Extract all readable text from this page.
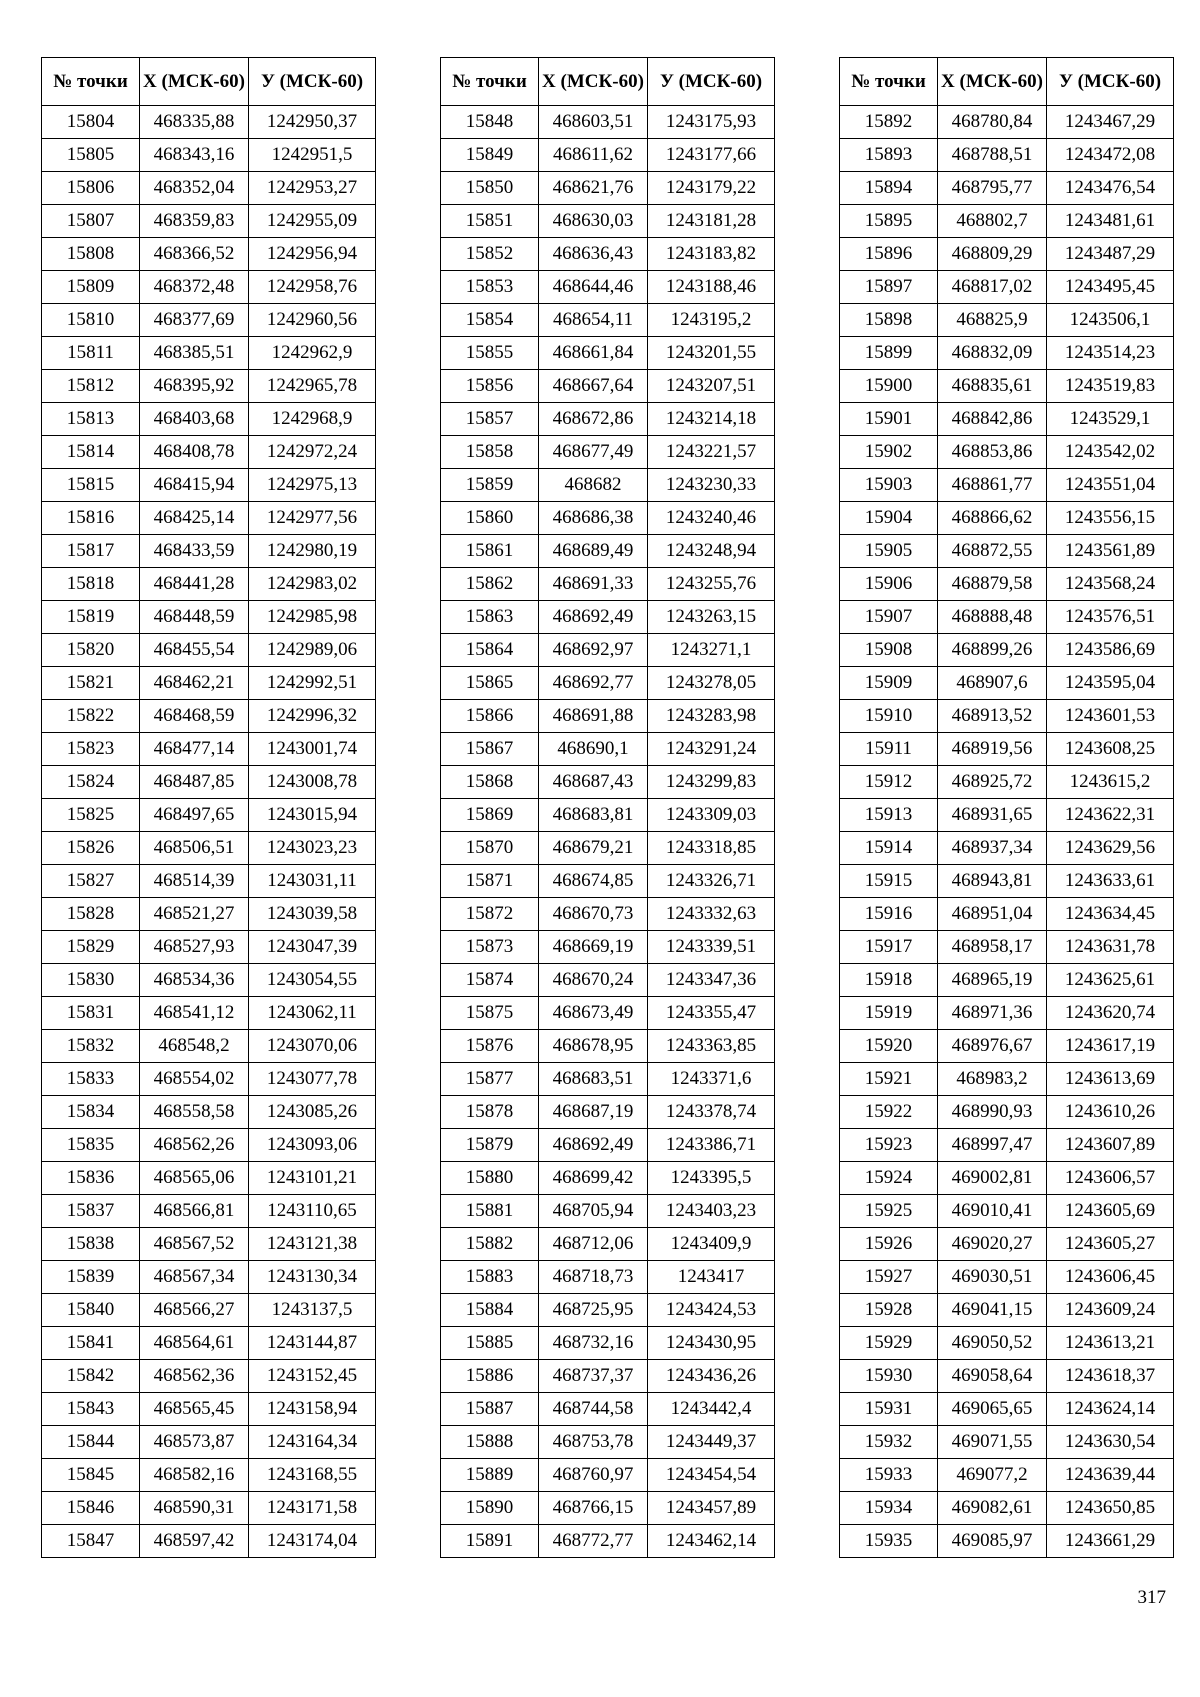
№ точки	X (МСК-60)	У (МСК-60)
15804	468335,88	1242950,37
15805	468343,16	1242951,5
15806	468352,04	1242953,27
15807	468359,83	1242955,09
15808	468366,52	1242956,94
15809	468372,48	1242958,76
15810	468377,69	1242960,56
15811	468385,51	1242962,9
15812	468395,92	1242965,78
15813	468403,68	1242968,9
15814	468408,78	1242972,24
15815	468415,94	1242975,13
15816	468425,14	1242977,56
15817	468433,59	1242980,19
15818	468441,28	1242983,02
15819	468448,59	1242985,98
15820	468455,54	1242989,06
15821	468462,21	1242992,51
15822	468468,59	1242996,32
15823	468477,14	1243001,74
15824	468487,85	1243008,78
15825	468497,65	1243015,94
15826	468506,51	1243023,23
15827	468514,39	1243031,11
15828	468521,27	1243039,58
15829	468527,93	1243047,39
15830	468534,36	1243054,55
15831	468541,12	1243062,11
15832	468548,2	1243070,06
15833	468554,02	1243077,78
15834	468558,58	1243085,26
15835	468562,26	1243093,06
15836	468565,06	1243101,21
15837	468566,81	1243110,65
15838	468567,52	1243121,38
15839	468567,34	1243130,34
15840	468566,27	1243137,5
15841	468564,61	1243144,87
15842	468562,36	1243152,45
15843	468565,45	1243158,94
15844	468573,87	1243164,34
15845	468582,16	1243168,55
15846	468590,31	1243171,58
15847	468597,42	1243174,04
№ точки	X (МСК-60)	У (МСК-60)
15848	468603,51	1243175,93
15849	468611,62	1243177,66
15850	468621,76	1243179,22
15851	468630,03	1243181,28
15852	468636,43	1243183,82
15853	468644,46	1243188,46
15854	468654,11	1243195,2
15855	468661,84	1243201,55
15856	468667,64	1243207,51
15857	468672,86	1243214,18
15858	468677,49	1243221,57
15859	468682	1243230,33
15860	468686,38	1243240,46
15861	468689,49	1243248,94
15862	468691,33	1243255,76
15863	468692,49	1243263,15
15864	468692,97	1243271,1
15865	468692,77	1243278,05
15866	468691,88	1243283,98
15867	468690,1	1243291,24
15868	468687,43	1243299,83
15869	468683,81	1243309,03
15870	468679,21	1243318,85
15871	468674,85	1243326,71
15872	468670,73	1243332,63
15873	468669,19	1243339,51
15874	468670,24	1243347,36
15875	468673,49	1243355,47
15876	468678,95	1243363,85
15877	468683,51	1243371,6
15878	468687,19	1243378,74
15879	468692,49	1243386,71
15880	468699,42	1243395,5
15881	468705,94	1243403,23
15882	468712,06	1243409,9
15883	468718,73	1243417
15884	468725,95	1243424,53
15885	468732,16	1243430,95
15886	468737,37	1243436,26
15887	468744,58	1243442,4
15888	468753,78	1243449,37
15889	468760,97	1243454,54
15890	468766,15	1243457,89
15891	468772,77	1243462,14
№ точки	X (МСК-60)	У (МСК-60)
15892	468780,84	1243467,29
15893	468788,51	1243472,08
15894	468795,77	1243476,54
15895	468802,7	1243481,61
15896	468809,29	1243487,29
15897	468817,02	1243495,45
15898	468825,9	1243506,1
15899	468832,09	1243514,23
15900	468835,61	1243519,83
15901	468842,86	1243529,1
15902	468853,86	1243542,02
15903	468861,77	1243551,04
15904	468866,62	1243556,15
15905	468872,55	1243561,89
15906	468879,58	1243568,24
15907	468888,48	1243576,51
15908	468899,26	1243586,69
15909	468907,6	1243595,04
15910	468913,52	1243601,53
15911	468919,56	1243608,25
15912	468925,72	1243615,2
15913	468931,65	1243622,31
15914	468937,34	1243629,56
15915	468943,81	1243633,61
15916	468951,04	1243634,45
15917	468958,17	1243631,78
15918	468965,19	1243625,61
15919	468971,36	1243620,74
15920	468976,67	1243617,19
15921	468983,2	1243613,69
15922	468990,93	1243610,26
15923	468997,47	1243607,89
15924	469002,81	1243606,57
15925	469010,41	1243605,69
15926	469020,27	1243605,27
15927	469030,51	1243606,45
15928	469041,15	1243609,24
15929	469050,52	1243613,21
15930	469058,64	1243618,37
15931	469065,65	1243624,14
15932	469071,55	1243630,54
15933	469077,2	1243639,44
15934	469082,61	1243650,85
15935	469085,97	1243661,29
317
